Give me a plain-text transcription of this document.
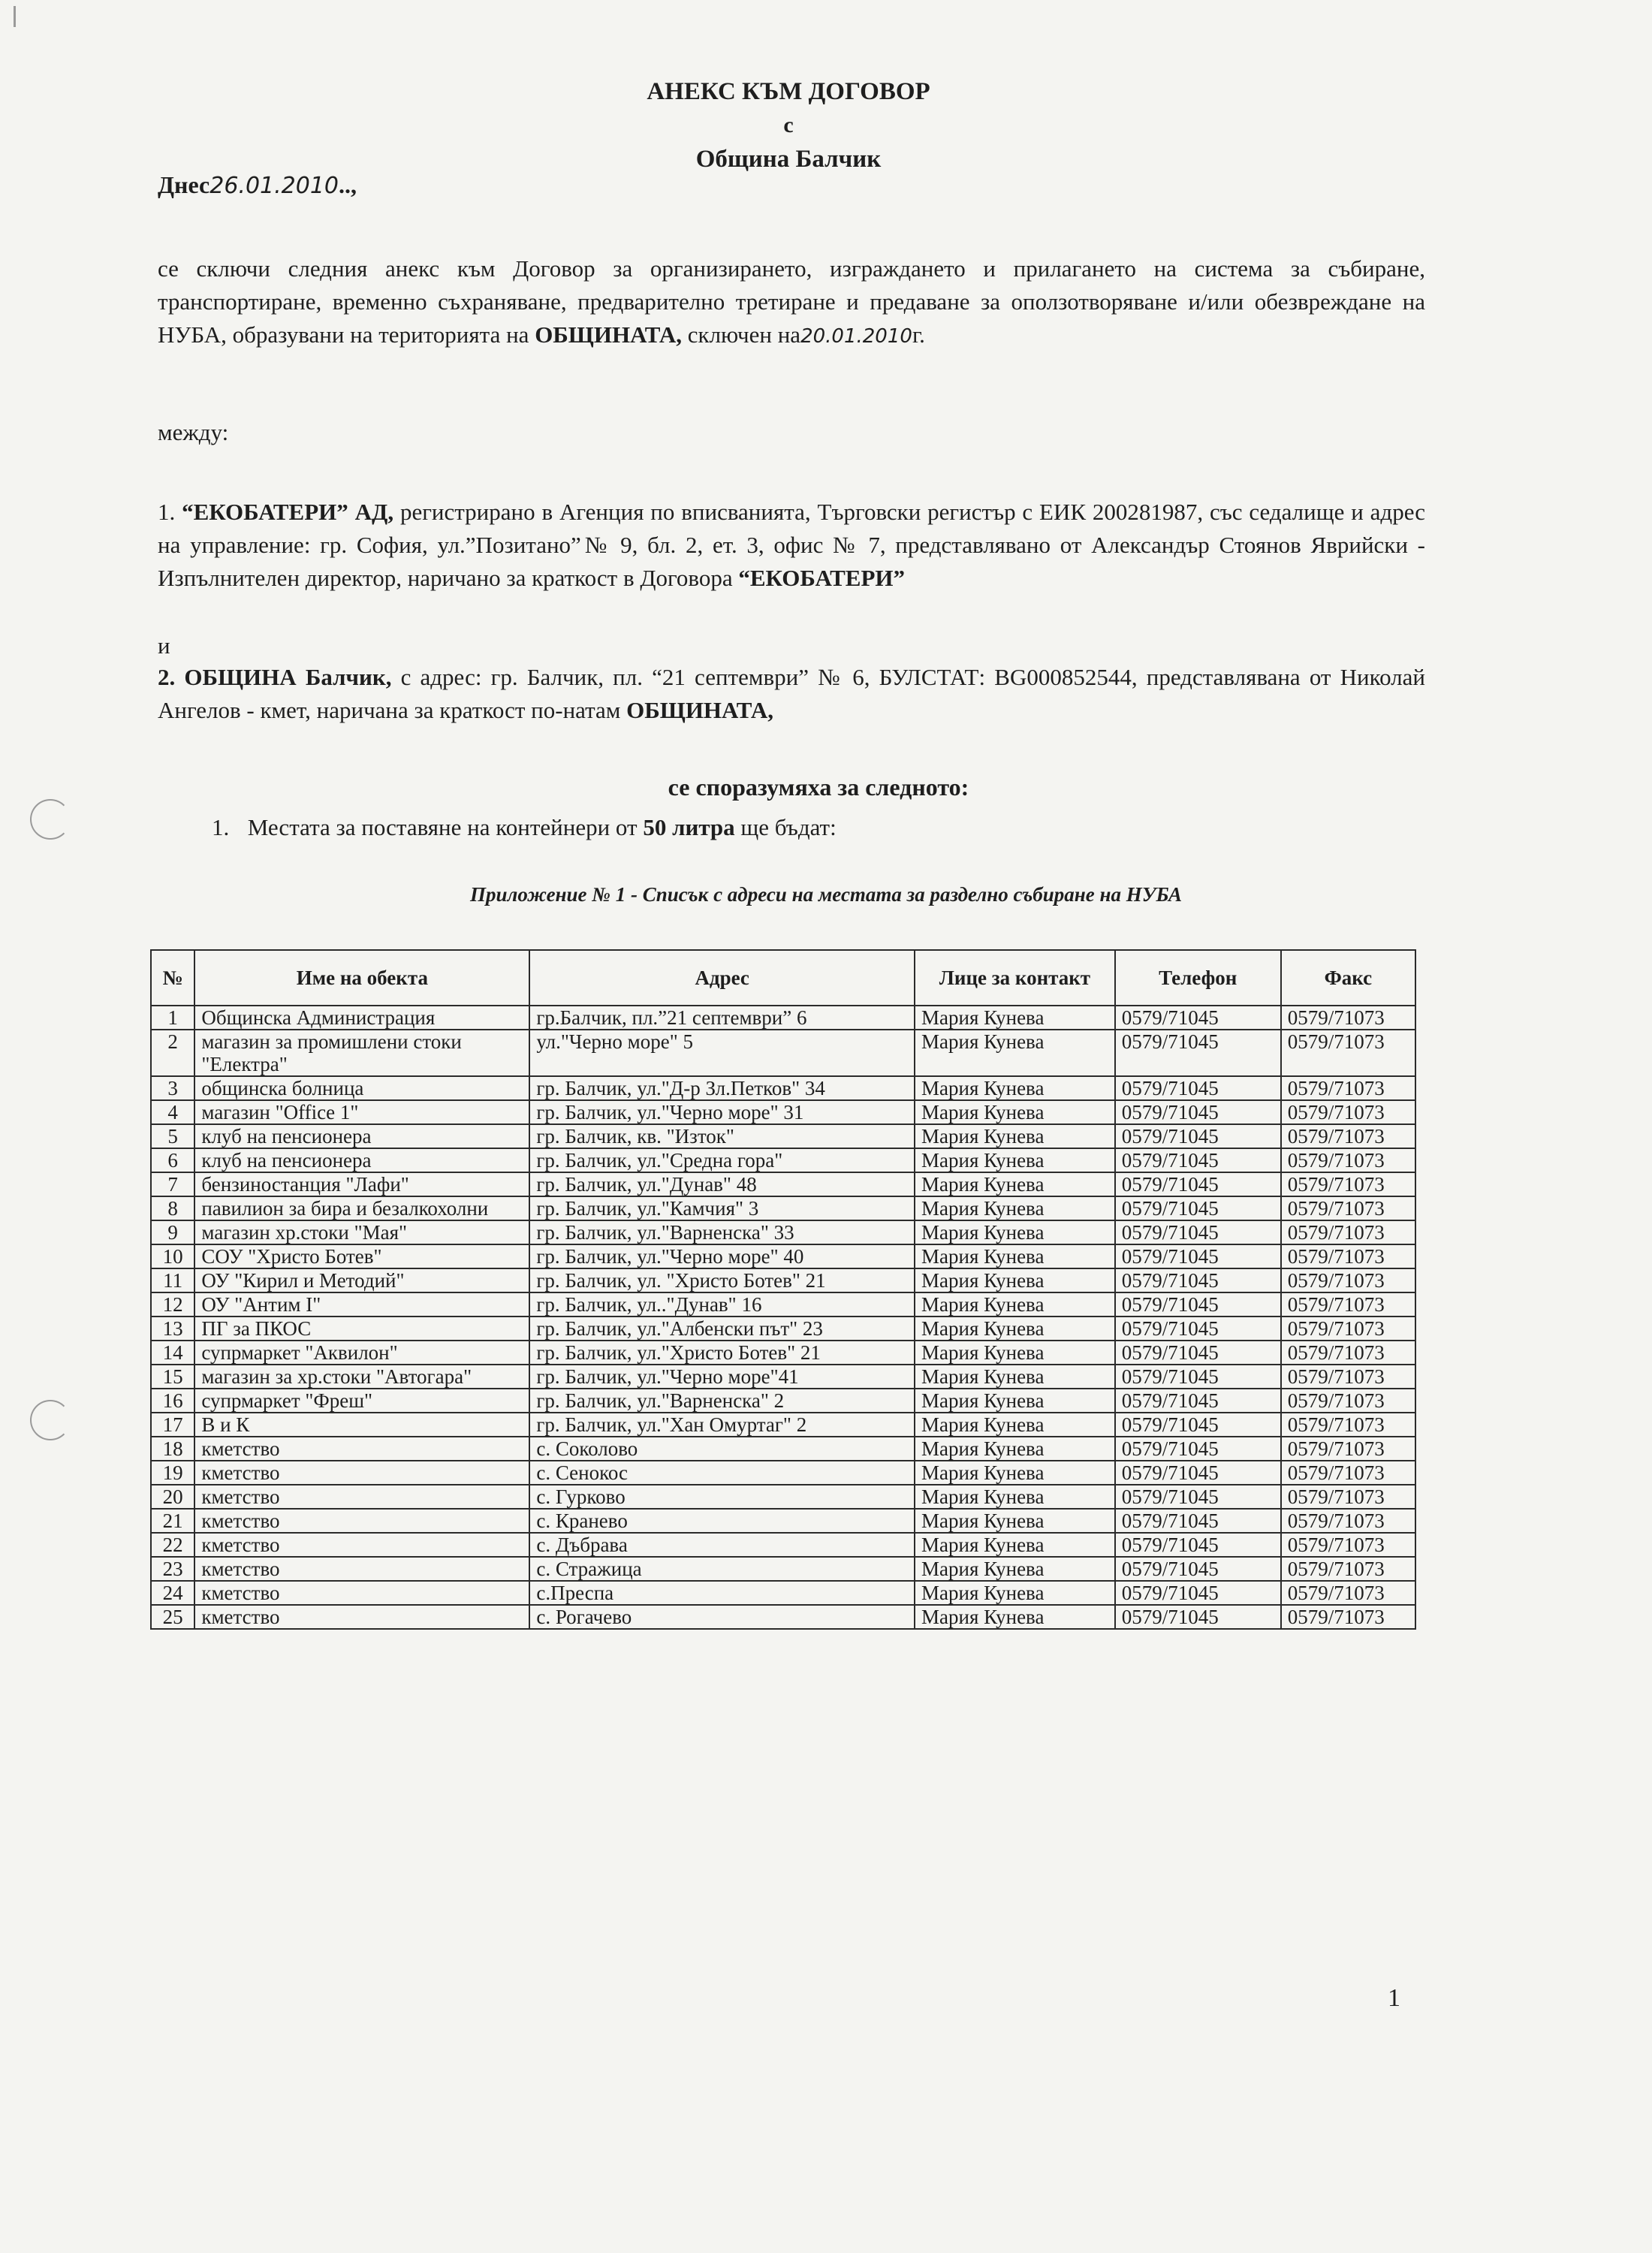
АНЕКС КЪМ ДОГОВОР
с
Община Балчик
Днес26.01.2010..,
се сключи следния анекс към Договор за организирането, изграждането и прилагането на система за събиране, транспортиране, временно съхраняване, предварително третиране и предаване за оползотворяване и/или обезвреждане на НУБА, образувани на територията на ОБЩИНАТА, сключен на20.01.2010г.
между:
1. “ЕКОБАТЕРИ” АД, регистрирано в Агенция по вписванията, Търговски регистър с ЕИК 200281987, със седалище и адрес на управление: гр. София, ул.”Позитано”№ 9, бл. 2, ет. 3, офис № 7, представлявано от Александър Стоянов Яврийски - Изпълнителен директор, наричано за краткост в Договора “ЕКОБАТЕРИ”
и
2. ОБЩИНА Балчик, с адрес: гр. Балчик, пл. “21 септември” № 6, БУЛСТАТ: BG000852544, представлявана от Николай Ангелов - кмет, наричана за краткост по-натам ОБЩИНАТА,
се споразумяха за следното:
1. Местата за поставяне на контейнери от 50 литра ще бъдат:
Приложение № 1 - Списък с адреси на местата за разделно събиране на НУБА
№	Име на обекта	Адрес	Лице за контакт	Телефон	Факс
1	Общинска Администрация	гр.Балчик, пл.”21 септември” 6	Мария Кунева	0579/71045	0579/71073
2	магазин за промишлени стоки "Електра"	ул."Черно море" 5	Мария Кунева	0579/71045	0579/71073
3	общинска болница	гр. Балчик, ул."Д-р Зл.Петков" 34	Мария Кунева	0579/71045	0579/71073
4	магазин "Office 1"	гр. Балчик, ул."Черно море" 31	Мария Кунева	0579/71045	0579/71073
5	клуб на пенсионера	гр. Балчик, кв. "Изток"	Мария Кунева	0579/71045	0579/71073
6	клуб на пенсионера	гр. Балчик, ул."Средна гора"	Мария Кунева	0579/71045	0579/71073
7	бензиностанция "Лафи"	гр. Балчик, ул."Дунав" 48	Мария Кунева	0579/71045	0579/71073
8	павилион за бира и безалкохолни	гр. Балчик, ул."Камчия" 3	Мария Кунева	0579/71045	0579/71073
9	магазин хр.стоки "Мая"	гр. Балчик, ул."Варненска" 33	Мария Кунева	0579/71045	0579/71073
10	СОУ "Христо Ботев"	гр. Балчик, ул."Черно море" 40	Мария Кунева	0579/71045	0579/71073
11	ОУ "Кирил и Методий"	гр. Балчик, ул. "Христо Ботев" 21	Мария Кунева	0579/71045	0579/71073
12	ОУ "Антим I"	гр. Балчик, ул.."Дунав" 16	Мария Кунева	0579/71045	0579/71073
13	ПГ за ПКОС	гр. Балчик, ул."Албенски път" 23	Мария Кунева	0579/71045	0579/71073
14	супрмаркет "Аквилон"	гр. Балчик, ул."Христо Ботев" 21	Мария Кунева	0579/71045	0579/71073
15	магазин за хр.стоки "Автогара"	гр. Балчик, ул."Черно море"41	Мария Кунева	0579/71045	0579/71073
16	супрмаркет "Фреш"	гр. Балчик, ул."Варненска" 2	Мария Кунева	0579/71045	0579/71073
17	В и К	гр. Балчик, ул."Хан Омуртаг" 2	Мария Кунева	0579/71045	0579/71073
18	кметство	с. Соколово	Мария Кунева	0579/71045	0579/71073
19	кметство	с. Сенокос	Мария Кунева	0579/71045	0579/71073
20	кметство	с. Гурково	Мария Кунева	0579/71045	0579/71073
21	кметство	с. Кранево	Мария Кунева	0579/71045	0579/71073
22	кметство	с. Дъбрава	Мария Кунева	0579/71045	0579/71073
23	кметство	с. Стражица	Мария Кунева	0579/71045	0579/71073
24	кметство	с.Преспа	Мария Кунева	0579/71045	0579/71073
25	кметство	с. Рогачево	Мария Кунева	0579/71045	0579/71073
1
